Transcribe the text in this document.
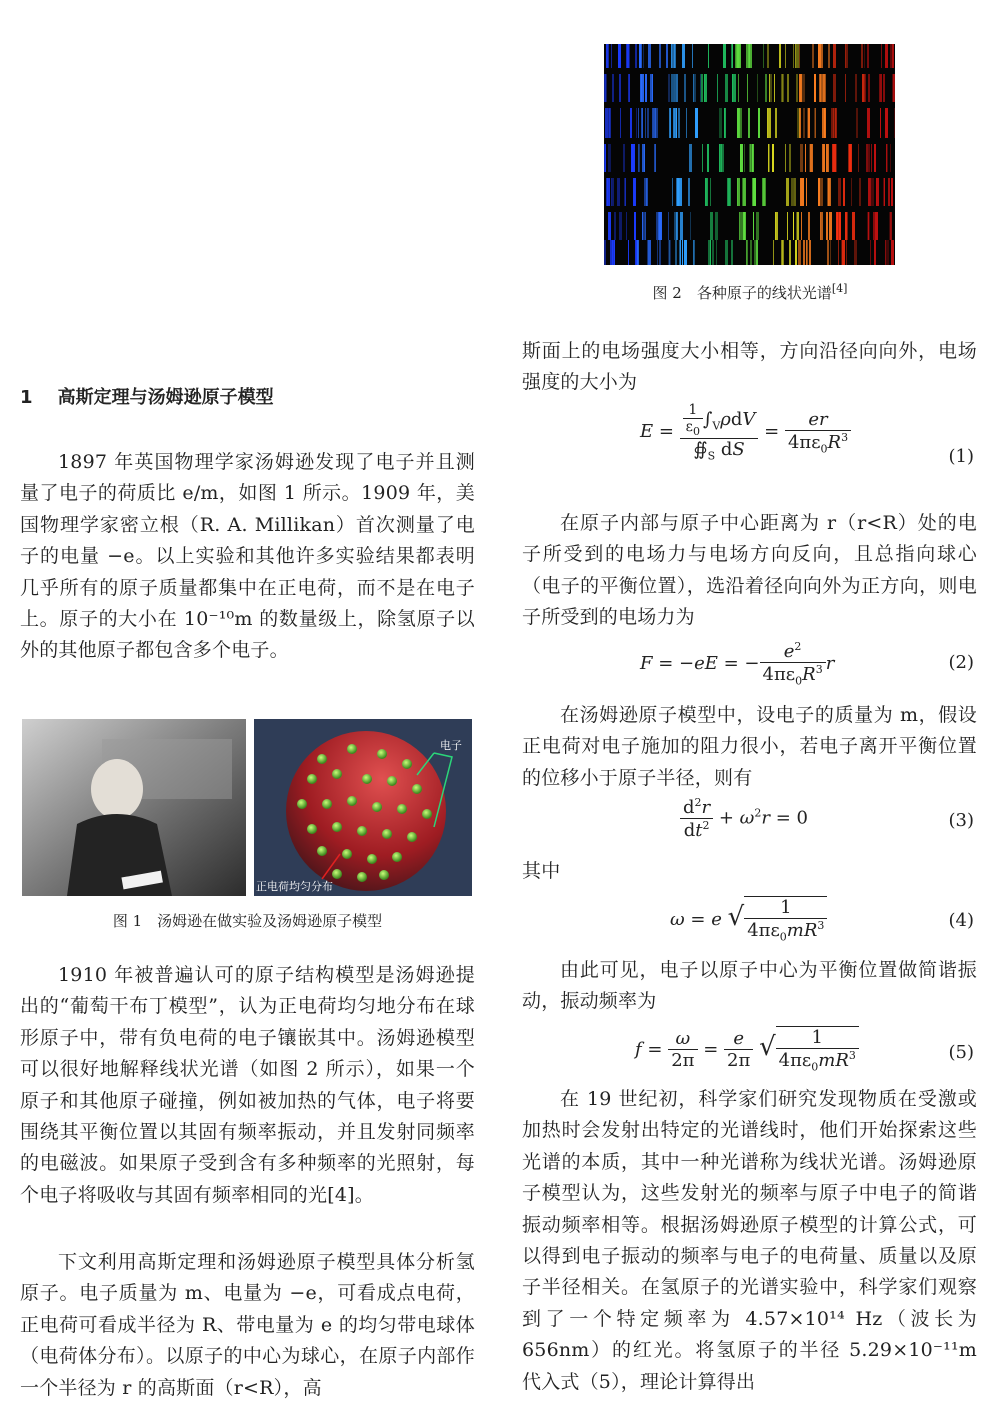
1 高斯定理与汤姆逊原子模型

1897 年英国物理学家汤姆逊发现了电子并且测量了电子的荷质比 e/m，如图 1 所示。1909 年，美国物理学家密立根（R. A. Millikan）首次测量了电子的电量 −e。以上实验和其他许多实验结果都表明几乎所有的原子质量都集中在正电荷，而不是在电子上。原子的大小在 10⁻¹⁰m 的数量级上，除氢原子以外的其他原子都包含多个电子。

电子
正电荷均匀分布
图 1　汤姆逊在做实验及汤姆逊原子模型

1910 年被普遍认可的原子结构模型是汤姆逊提出的“葡萄干布丁模型”，认为正电荷均匀地分布在球形原子中，带有负电荷的电子镶嵌其中。汤姆逊模型可以很好地解释线状光谱（如图 2 所示），如果一个原子和其他原子碰撞，例如被加热的气体，电子将要围绕其平衡位置以其固有频率振动，并且发射同频率的电磁波。如果原子受到含有多种频率的光照射，每个电子将吸收与其固有频率相同的光[4]。

下文利用高斯定理和汤姆逊原子模型具体分析氢原子。电子质量为 m、电量为 −e，可看成点电荷，正电荷可看成半径为 R、带电量为 e 的均匀带电球体（电荷体分布）。以原子的中心为球心，在原子内部作一个半径为 r 的高斯面（r<R），高

图 2　各种原子的线状光谱[4]

斯面上的电场强度大小相等，方向沿径向向外，电场强度的大小为

$E = \frac{\frac{1}{\varepsilon_0} \int_V\rho dV}{∯_S dS} = \frac{er}{4\pi\varepsilon_0R^3}$
(1)

在原子内部与原子中心距离为 r（r<R）处的电子所受到的电场力与电场方向反向，且总指向球心（电子的平衡位置），选沿着径向向外为正方向，则电子所受到的电场力为

F = −eE = − $\frac{e^2}{4\pi\varepsilon_0R^3}$ r	(2)

在汤姆逊原子模型中，设电子的质量为 m，假设正电荷对电子施加的阻力很小，若电子离开平衡位置的位移小于原子半径，则有

$\frac{d^2r}{dt^2} + \omega^2r = 0$	(3)

其中

ω = e √ $\frac{1}{4\pi\varepsilon_0mR^3}$	(4)

由此可见，电子以原子中心为平衡位置做简谐振动，振动频率为

$f = \frac{\omega}{2\pi} = \frac{e}{2\pi}$ √ $\frac{1}{4\pi\varepsilon_0mR^3}$	(5)

在 19 世纪初，科学家们研究发现物质在受激或加热时会发射出特定的光谱线时，他们开始探索这些光谱的本质，其中一种光谱称为线状光谱。汤姆逊原子模型认为，这些发射光的频率与原子中电子的简谐振动频率相等。根据汤姆逊原子模型的计算公式，可以得到电子振动的频率与电子的电荷量、质量以及原子半径相关。在氢原子的光谱实验中，科学家们观察到了一个特定频率为 4.57×10¹⁴ Hz（波长为 656nm）的红光。将氢原子的半径 5.29×10⁻¹¹m 代入式（5），理论计算得出
